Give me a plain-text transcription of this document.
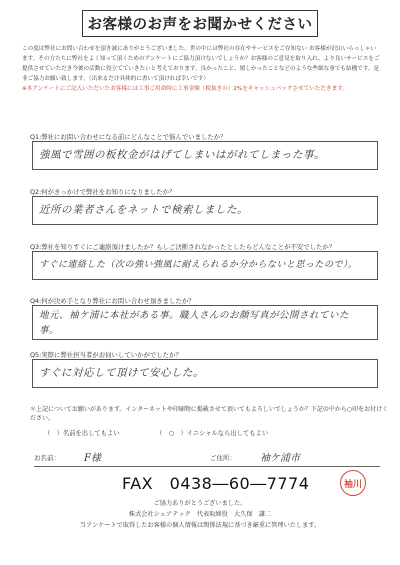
お客様のお声をお聞かせください
この度は弊社にお問い合わせを頂き誠にありがとうございました。世の中には弊社の存在やサービスをご存知ない お客様が沢山いらっしゃいます。その方たちに弊社をよく知って頂くためのアンケートにご協力頂けないでしょうか？お客様のご意見を取り入れ、より良いサービスをご提供させていただき今後の活動に役立てていきたいと考えております。良かったこと、嬉しかったことなどのような些細な事でも結構です。是非ご協力お願い致します。（出来るだけ具体的に書いて頂ければ幸いです）
※本アンケートにご記入いただいたお客様には工事ご用命時に工事金額（税抜きの）2%をキャッシュバックさせていただきます。
Q1:弊社にお問い合わせになる前にどんなことで悩んでいましたか？
強風で雪囲の板枚金がはげてしまいはがれてしまった事。
Q2:何がきっかけで弊社をお知りになりましたか？
近所の業者さんをネットで検索しました。
Q3:弊社を知りすぐにご連絡頂けましたか？もしご決断されなかったとしたらどんなことが不安でしたか？
すぐに連絡した（次の強い強風に耐えられるか分からないと思ったので）。
Q4:何が決め手となり弊社にお問い合わせ頂きましたか？
地元、袖ケ浦に本社がある事。職人さんのお顔写真が公開されていた事。
Q5:実際に弊社担当者がお伺いしていかがでしたか？
すぐに対応して頂けて安心した。
＊上記についてお願いがあります。インターネットや印刷物に掲載させて頂いてもよろしいでしょうか？下記の中から○印をお付けください。
（　）名前を出してもよい	（　○　）イニシャルなら出してもよい
お名前： F様	ご住所： 袖ケ浦市
FAX　0438―60―7774	袖川
ご協力ありがとうございました。
株式会社シェアテック　代表取締役　大久保　謙二
当アンケートで取得したお客様の個人情報は関係法規に基づき厳重に管理いたします。
